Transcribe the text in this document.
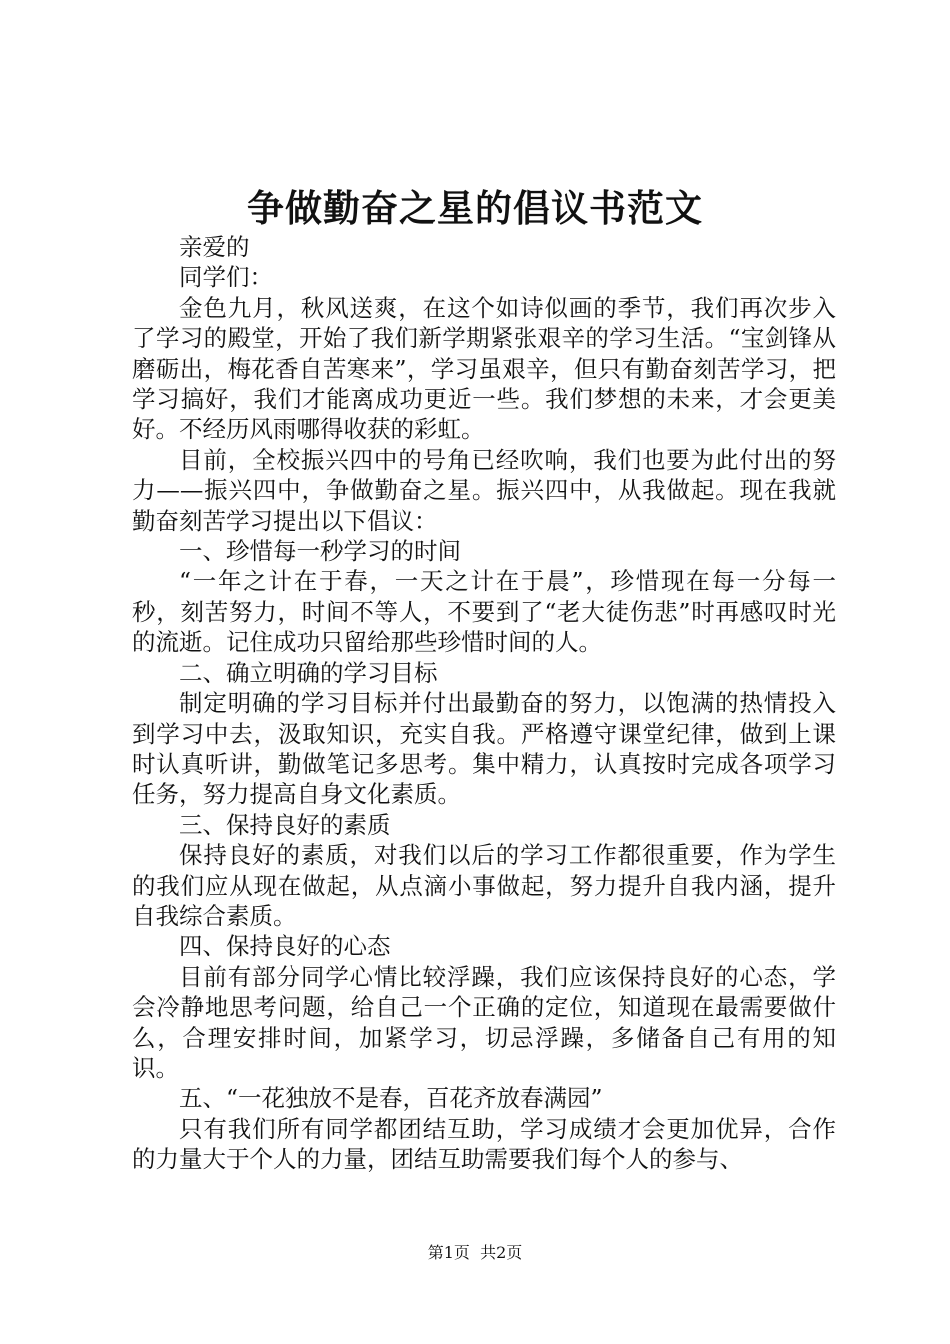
争做勤奋之星的倡议书范文

亲爱的

同学们：

金色九月，秋风送爽，在这个如诗似画的季节，我们再次步入了学习的殿堂，开始了我们新学期紧张艰辛的学习生活。“宝剑锋从磨砺出，梅花香自苦寒来”，学习虽艰辛，但只有勤奋刻苦学习，把学习搞好，我们才能离成功更近一些。我们梦想的未来，才会更美好。不经历风雨哪得收获的彩虹。

目前，全校振兴四中的号角已经吹响，我们也要为此付出的努力——振兴四中，争做勤奋之星。振兴四中，从我做起。现在我就勤奋刻苦学习提出以下倡议：

一、珍惜每一秒学习的时间

“一年之计在于春，一天之计在于晨”，珍惜现在每一分每一秒，刻苦努力，时间不等人，不要到了“老大徒伤悲”时再感叹时光的流逝。记住成功只留给那些珍惜时间的人。

二、确立明确的学习目标

制定明确的学习目标并付出最勤奋的努力，以饱满的热情投入到学习中去，汲取知识，充实自我。严格遵守课堂纪律，做到上课时认真听讲，勤做笔记多思考。集中精力，认真按时完成各项学习任务，努力提高自身文化素质。

三、保持良好的素质

保持良好的素质，对我们以后的学习工作都很重要，作为学生的我们应从现在做起，从点滴小事做起，努力提升自我内涵，提升自我综合素质。

四、保持良好的心态

目前有部分同学心情比较浮躁，我们应该保持良好的心态，学会冷静地思考问题，给自己一个正确的定位，知道现在最需要做什么，合理安排时间，加紧学习，切忌浮躁，多储备自己有用的知识。

五、“一花独放不是春，百花齐放春满园”

只有我们所有同学都团结互助，学习成绩才会更加优异，合作的力量大于个人的力量，团结互助需要我们每个人的参与、

第1页  共2页
